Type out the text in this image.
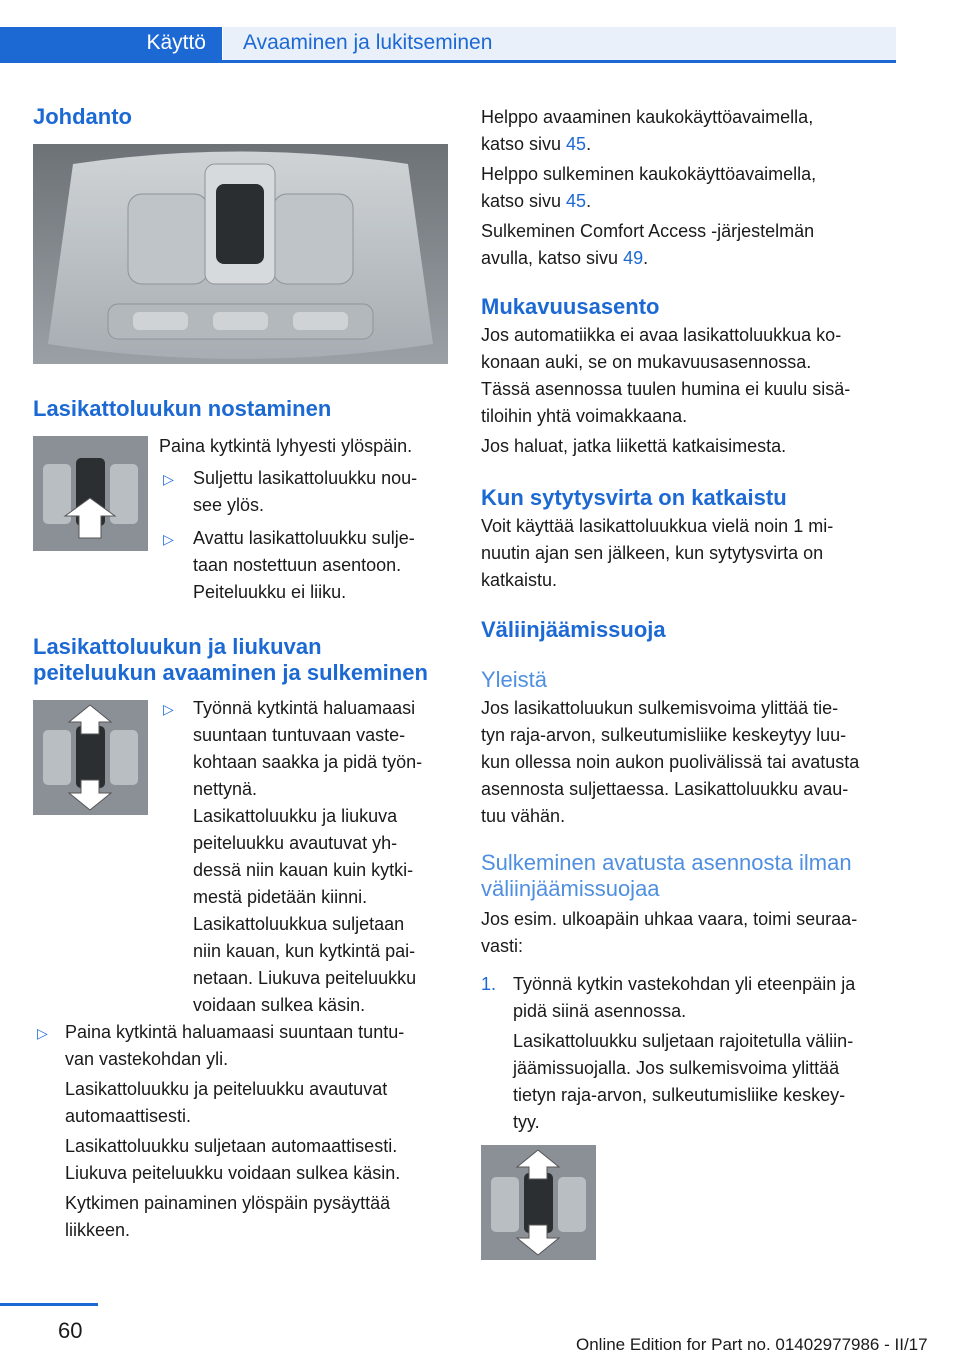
Käyttö Avaaminen ja lukitseminen
Johdanto
Lasikattoluukun nostaminen
Paina kytkintä lyhyesti ylöspäin.
▷ Suljettu lasikattoluukku nou-
see ylös.
▷ Avattu lasikattoluukku sulje-
taan nostettuun asentoon.
Peiteluukku ei liiku.
Lasikattoluukun ja liukuvan
peiteluukun avaaminen ja sulkeminen
▷ Työnnä kytkintä haluamaasi
suuntaan tuntuvaan vaste-
kohtaan saakka ja pidä työn-
nettynä.
Lasikattoluukku ja liukuva
peiteluukku avautuvat yh-
dessä niin kauan kuin kytki-
mestä pidetään kiinni.
Lasikattoluukkua suljetaan
niin kauan, kun kytkintä pai-
netaan. Liukuva peiteluukku
voidaan sulkea käsin.
▷ Paina kytkintä haluamaasi suuntaan tuntu-
van vastekohdan yli.
Lasikattoluukku ja peiteluukku avautuvat
automaattisesti.
Lasikattoluukku suljetaan automaattisesti.
Liukuva peiteluukku voidaan sulkea käsin.
Kytkimen painaminen ylöspäin pysäyttää
liikkeen.
Helppo avaaminen kaukokäyttöavaimella,
katso sivu 45.
Helppo sulkeminen kaukokäyttöavaimella,
katso sivu 45.
Sulkeminen Comfort Access -järjestelmän
avulla, katso sivu 49.
Mukavuusasento
Jos automatiikka ei avaa lasikattoluukkua ko-
konaan auki, se on mukavuusasennossa.
Tässä asennossa tuulen humina ei kuulu sisä-
tiloihin yhtä voimakkaana.
Jos haluat, jatka liikettä katkaisimesta.
Kun sytytysvirta on katkaistu
Voit käyttää lasikattoluukkua vielä noin 1 mi-
nuutin ajan sen jälkeen, kun sytytysvirta on
katkaistu.
Väliinjäämissuoja
Yleistä
Jos lasikattoluukun sulkemisvoima ylittää tie-
tyn raja-arvon, sulkeutumisliike keskeytyy luu-
kun ollessa noin aukon puolivälissä tai avatusta
asennosta suljettaessa. Lasikattoluukku avau-
tuu vähän.
Sulkeminen avatusta asennosta ilman
väliinjäämissuojaa
Jos esim. ulkoapäin uhkaa vaara, toimi seuraa-
vasti:
1. Työnnä kytkin vastekohdan yli eteenpäin ja
pidä siinä asennossa.
Lasikattoluukku suljetaan rajoitetulla väliin-
jäämissuojalla. Jos sulkemisvoima ylittää
tietyn raja-arvon, sulkeutumisliike keskey-
tyy.
60
Online Edition for Part no. 01402977986 - II/17
